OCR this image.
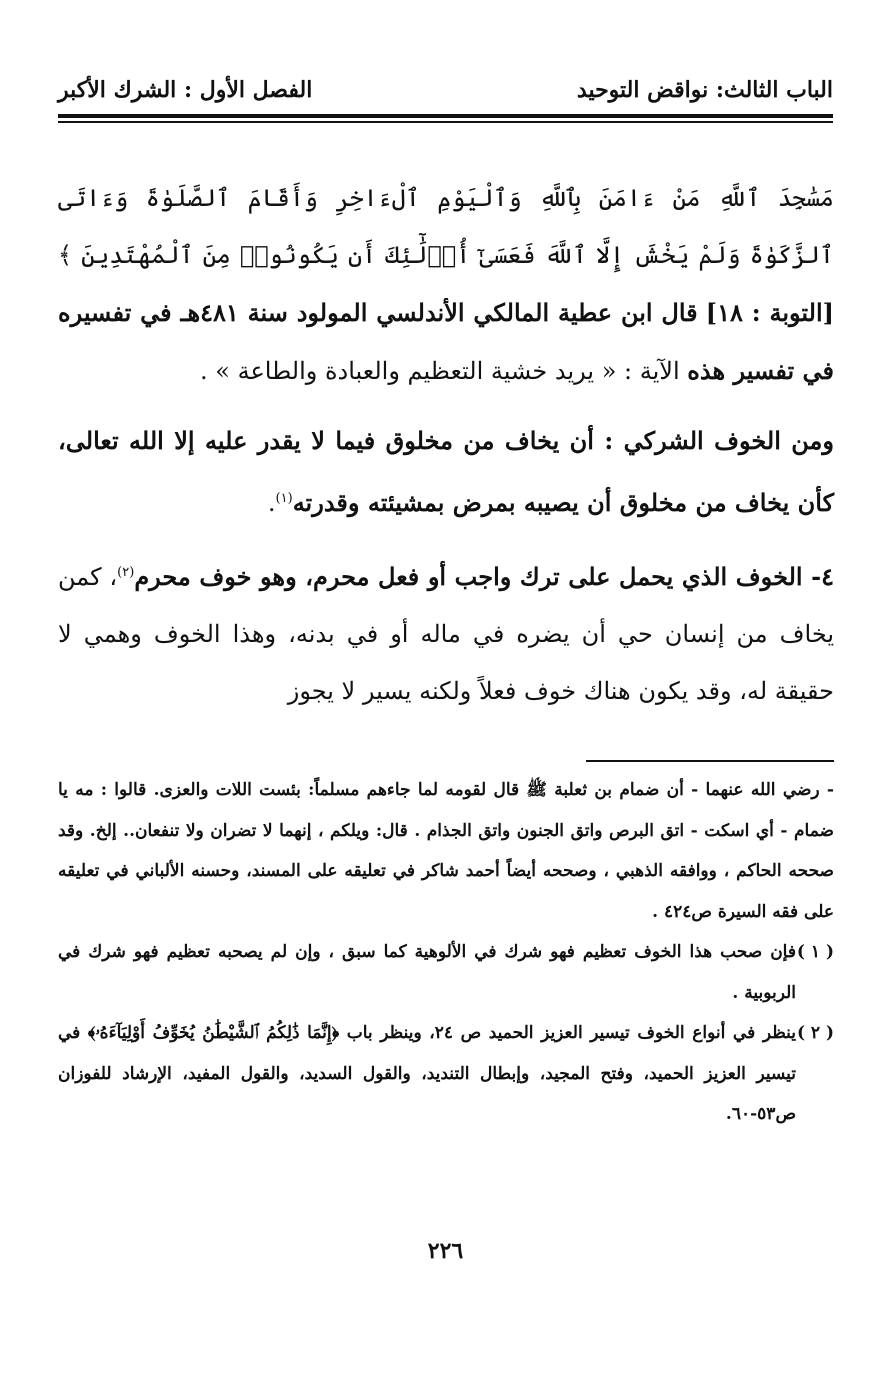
الباب الثالث: نواقض التوحيد
الفصل الأول : الشرك الأكبر

مَسَٰجِدَ ٱللَّهِ مَنْ ءَامَنَ بِٱللَّهِ وَٱلْيَوْمِ ٱلْءَاخِرِ وَأَقَامَ ٱلصَّلَوٰةَ وَءَاتَى ٱلزَّكَوٰةَ وَلَمْ يَخْشَ إِلَّا ٱللَّهَ فَعَسَىٰٓ أُو۟لَٰٓئِكَ أَن يَكُونُوا۟ مِنَ ٱلْمُهْتَدِينَ ﴾ [التوبة : ١٨] قال ابن عطية المالكي الأندلسي المولود سنة ٤٨١هـ في تفسيره في تفسير هذه الآية : « يريد خشية التعظيم والعبادة والطاعة » .

ومن الخوف الشركي : أن يخاف من مخلوق فيما لا يقدر عليه إلا الله تعالى، كأن يخاف من مخلوق أن يصيبه بمرض بمشيئته وقدرته$^{(١)}$.

٤- الخوف الذي يحمل على ترك واجب أو فعل محرم، وهو خوف محرم$^{(٢)}$، كمن يخاف من إنسان حي أن يضره في ماله أو في بدنه، وهذا الخوف وهمي لا حقيقة له، وقد يكون هناك خوف فعلاً ولكنه يسير لا يجوز

- رضي الله عنهما - أن ضمام بن ثعلبة ﷺ قال لقومه لما جاءهم مسلماً: بئست اللات والعزى. قالوا : مه يا ضمام - أي اسكت - اتق البرص واتق الجنون واتق الجذام . قال: ويلكم ، إنهما لا تضران ولا تنفعان.. إلخ. وقد صححه الحاكم ، ووافقه الذهبي ، وصححه أيضاً أحمد شاكر في تعليقه على المسند، وحسنه الألباني في تعليقه على فقه السيرة ص٤٢٤ .

( ١ )فإن صحب هذا الخوف تعظيم فهو شرك في الألوهية كما سبق ، وإن لم يصحبه تعظيم فهو شرك في الربوبية .

( ٢ )ينظر في أنواع الخوف تيسير العزيز الحميد ص ٢٤، وينظر باب ﴿إِنَّمَا ذَٰلِكُمُ ٱلشَّيْطَٰنُ يُخَوِّفُ أَوْلِيَآءَهُۥ﴾ في تيسير العزيز الحميد، وفتح المجيد، وإبطال التنديد، والقول السديد، والقول المفيد، الإرشاد للفوزان ص٥٣-٦٠.

٢٢٦
